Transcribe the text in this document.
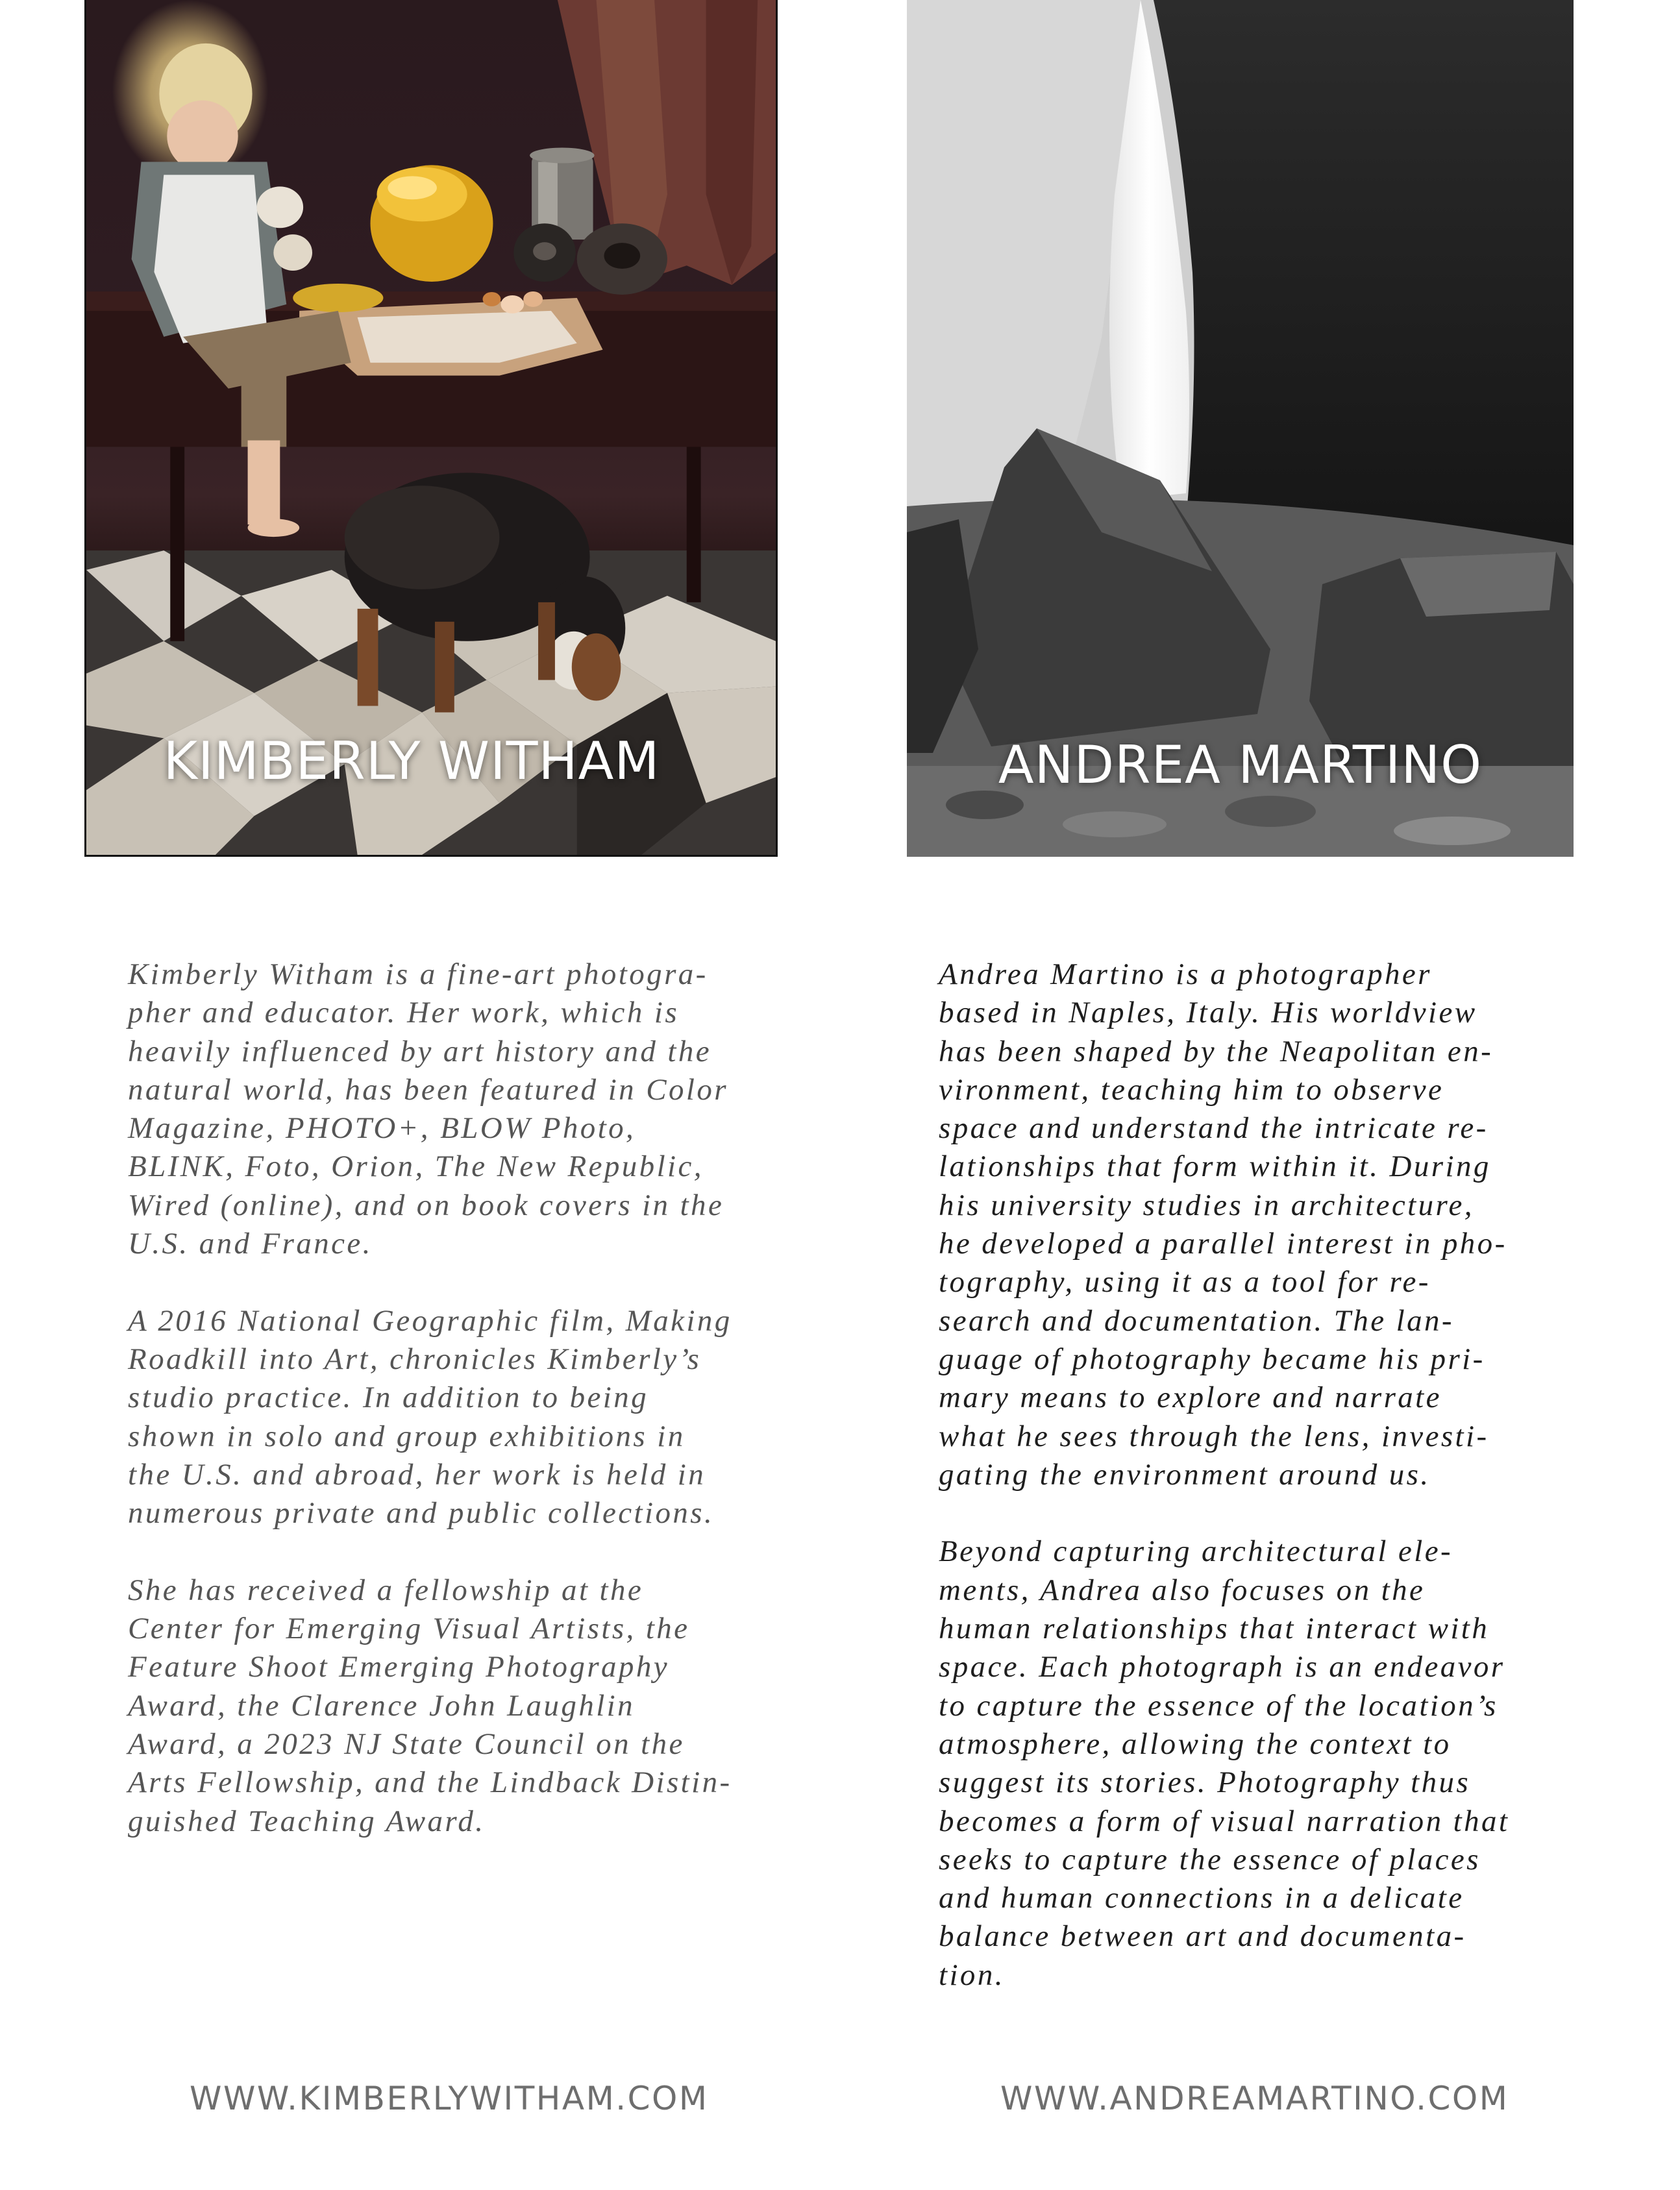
KIMBERLY WITHAM	ANDREA MARTINO

Kimberly Witham is a fine-art photogra-
pher and educator. Her work, which is
heavily influenced by art history and the
natural world, has been featured in Color
Magazine, PHOTO+, BLOW Photo,
BLINK, Foto, Orion, The New Republic,
Wired (online), and on book covers in the
U.S. and France.

A 2016 National Geographic film, Making
Roadkill into Art, chronicles Kimberly’s
studio practice. In addition to being
shown in solo and group exhibitions in
the U.S. and abroad, her work is held in
numerous private and public collections.

She has received a fellowship at the
Center for Emerging Visual Artists, the
Feature Shoot Emerging Photography
Award, the Clarence John Laughlin
Award, a 2023 NJ State Council on the
Arts Fellowship, and the Lindback Distin-
guished Teaching Award.

Andrea Martino is a photographer
based in Naples, Italy. His worldview
has been shaped by the Neapolitan en-
vironment, teaching him to observe
space and understand the intricate re-
lationships that form within it. During
his university studies in architecture,
he developed a parallel interest in pho-
tography, using it as a tool for re-
search and documentation. The lan-
guage of photography became his pri-
mary means to explore and narrate
what he sees through the lens, investi-
gating the environment around us.

Beyond capturing architectural ele-
ments, Andrea also focuses on the
human relationships that interact with
space. Each photograph is an endeavor
to capture the essence of the location’s
atmosphere, allowing the context to
suggest its stories. Photography thus
becomes a form of visual narration that
seeks to capture the essence of places
and human connections in a delicate
balance between art and documenta-
tion.

WWW.KIMBERLYWITHAM.COM	WWW.ANDREAMARTINO.COM
